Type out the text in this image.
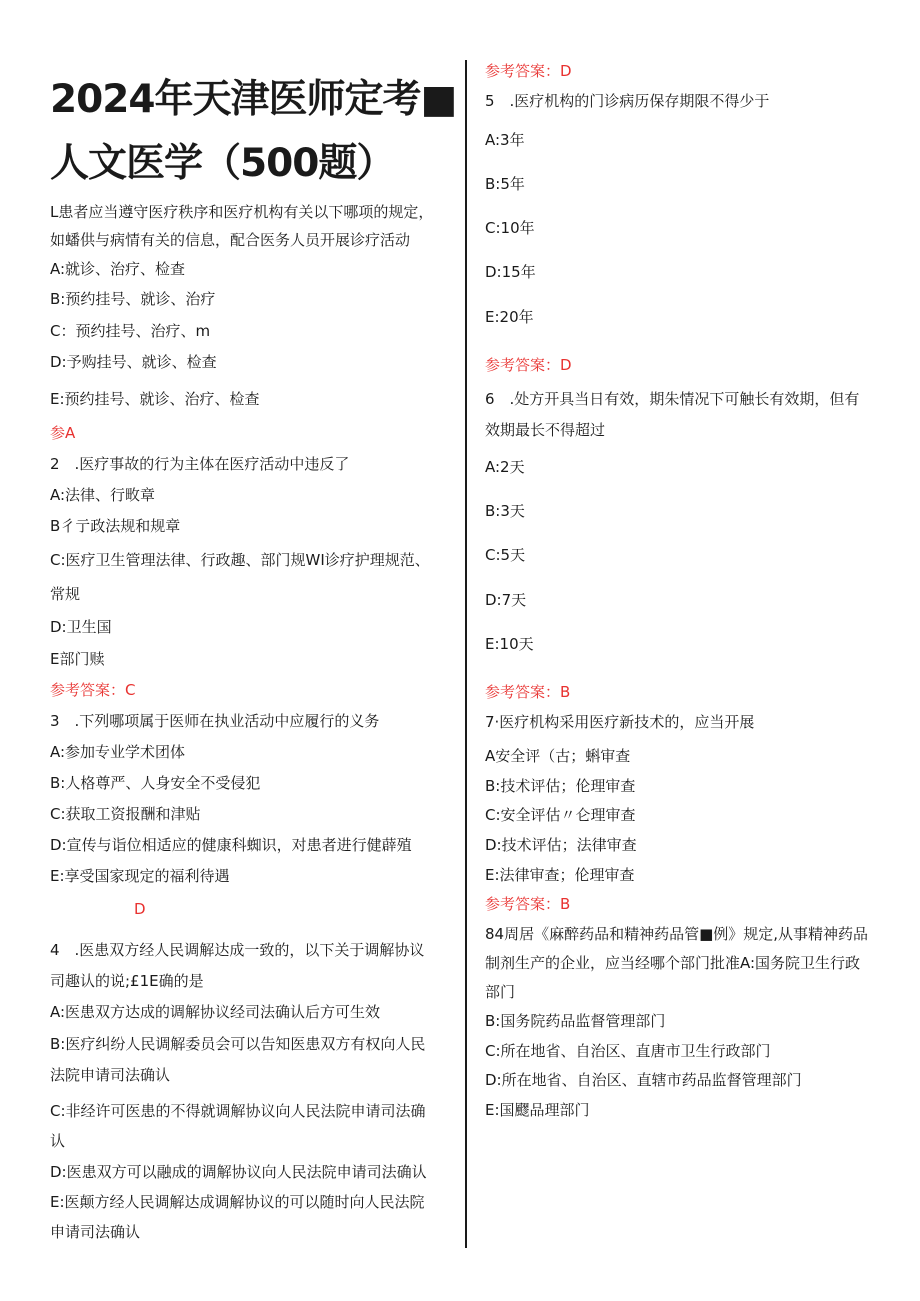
2024年天津医师定考■
人文医学（500题）
L患者应当遵守医疗秩序和医疗机构有关以下哪项的规定，
如蟠供与病情有关的信息，配合医务人员开展诊疗活动
A:就诊、治疗、检查
B:预约挂号、就诊、治疗
C：预约挂号、治疗、m
D:予购挂号、就诊、检查
E:预约挂号、就诊、治疗、检查
参A
2　.医疗事故的行为主体在医疗活动中违反了
A:法律、行畋章
B彳亍政法规和规章
C:医疗卫生管理法律、行政趣、部门规WI诊疗护理规范、
常规
D:卫生国
E部门赎
参考答案：C
3　.下列哪项属于医师在执业活动中应履行的义务
A:参加专业学术团体
B:人格尊严、人身安全不受侵犯
C:获取工资报酬和津贴
D:宣传与诣位相适应的健康科蜘识，对患者进行健薜殖
E:享受国家现定的福利待遇
D
4　.医患双方经人民调解达成一致的，以下关于调解协议
司趣认的说;£1E确的是
A:医患双方达成的调解协议经司法确认后方可生效
B:医疗纠纷人民调解委员会可以告知医患双方有权向人民
法院申请司法确认
C:非经许可医患的不得就调解协议向人民法院申请司法确
认
D:医患双方可以融成的调解协议向人民法院申请司法确认
E:医颠方经人民调解达成调解协议的可以随时向人民法院
申请司法确认
参考答案：D
5　.医疗机构的门诊病历保存期限不得少于
A:3年
B:5年
C:10年
D:15年
E:20年
参考答案：D
6　.处方开具当日有效，期朱情况下可触长有效期，但有
效期最长不得超过
A:2天
B:3天
C:5天
D:7天
E:10天
参考答案：B
7·医疗机构采用医疗新技术的，应当开展
A安全评（古；蝌审查
B:技术评估；伦理审查
C:安全评估〃仑理审查
D:技术评估；法律审查
E:法律审查；伦理审查
参考答案：B
84周居《麻醉药品和精神药品管■例》规定,从事精神药品
制剂生产的企业，应当经哪个部门批准A:国务院卫生行政
部门
B:国务院药品监督管理部门
C:所在地省、自治区、直唐市卫生行政部门
D:所在地省、自治区、直辖市药品监督管理部门
E:国飂品理部门
